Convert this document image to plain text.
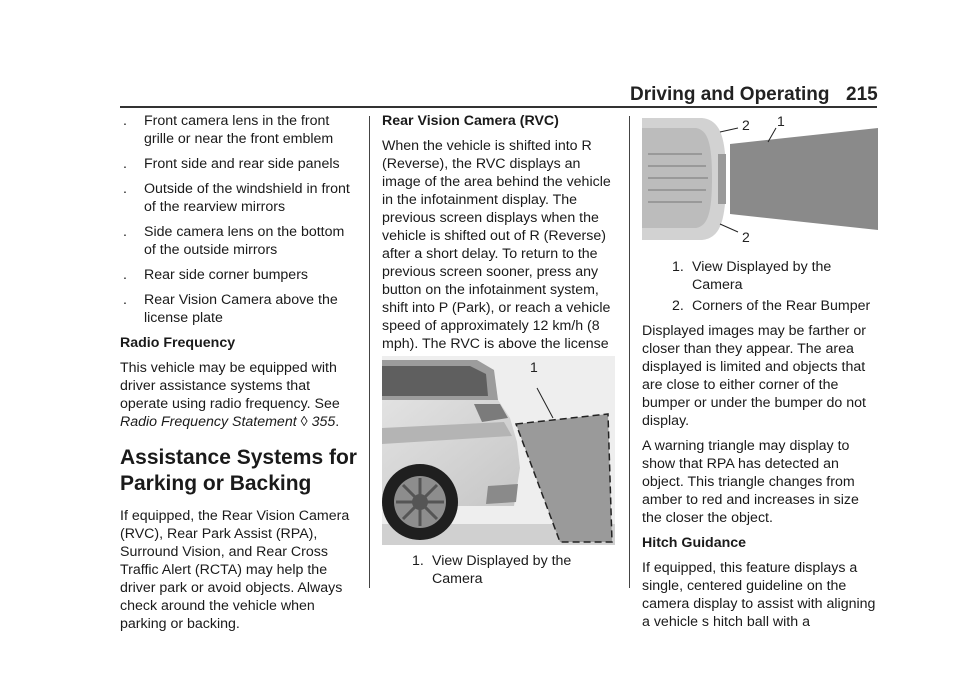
Driving and Operating 215
. Front camera lens in the front grille or near the front emblem
. Front side and rear side panels
. Outside of the windshield in front of the rearview mirrors
. Side camera lens on the bottom of the outside mirrors
. Rear side corner bumpers
. Rear Vision Camera above the license plate
Radio Frequency

This vehicle may be equipped with driver assistance systems that operate using radio frequency. See Radio Frequency Statement ◊ 355.

Assistance Systems for Parking or Backing

If equipped, the Rear Vision Camera (RVC), Rear Park Assist (RPA), Surround Vision, and Rear Cross Traffic Alert (RCTA) may help the driver park or avoid objects. Always check around the vehicle when parking or backing.

Rear Vision Camera (RVC)

When the vehicle is shifted into R (Reverse), the RVC displays an image of the area behind the vehicle in the infotainment display. The previous screen displays when the vehicle is shifted out of R (Reverse) after a short delay. To return to the previous screen sooner, press any button on the infotainment system, shift into P (Park), or reach a vehicle speed of approximately 12 km/h (8 mph). The RVC is above the license

1
1. View Displayed by the Camera
2 1
2
1. View Displayed by the Camera
2. Corners of the Rear Bumper

Displayed images may be farther or closer than they appear. The area displayed is limited and objects that are close to either corner of the bumper or under the bumper do not display.

A warning triangle may display to show that RPA has detected an object. This triangle changes from amber to red and increases in size the closer the object.

Hitch Guidance

If equipped, this feature displays a single, centered guideline on the camera display to assist with aligning a vehicle s hitch ball with a
